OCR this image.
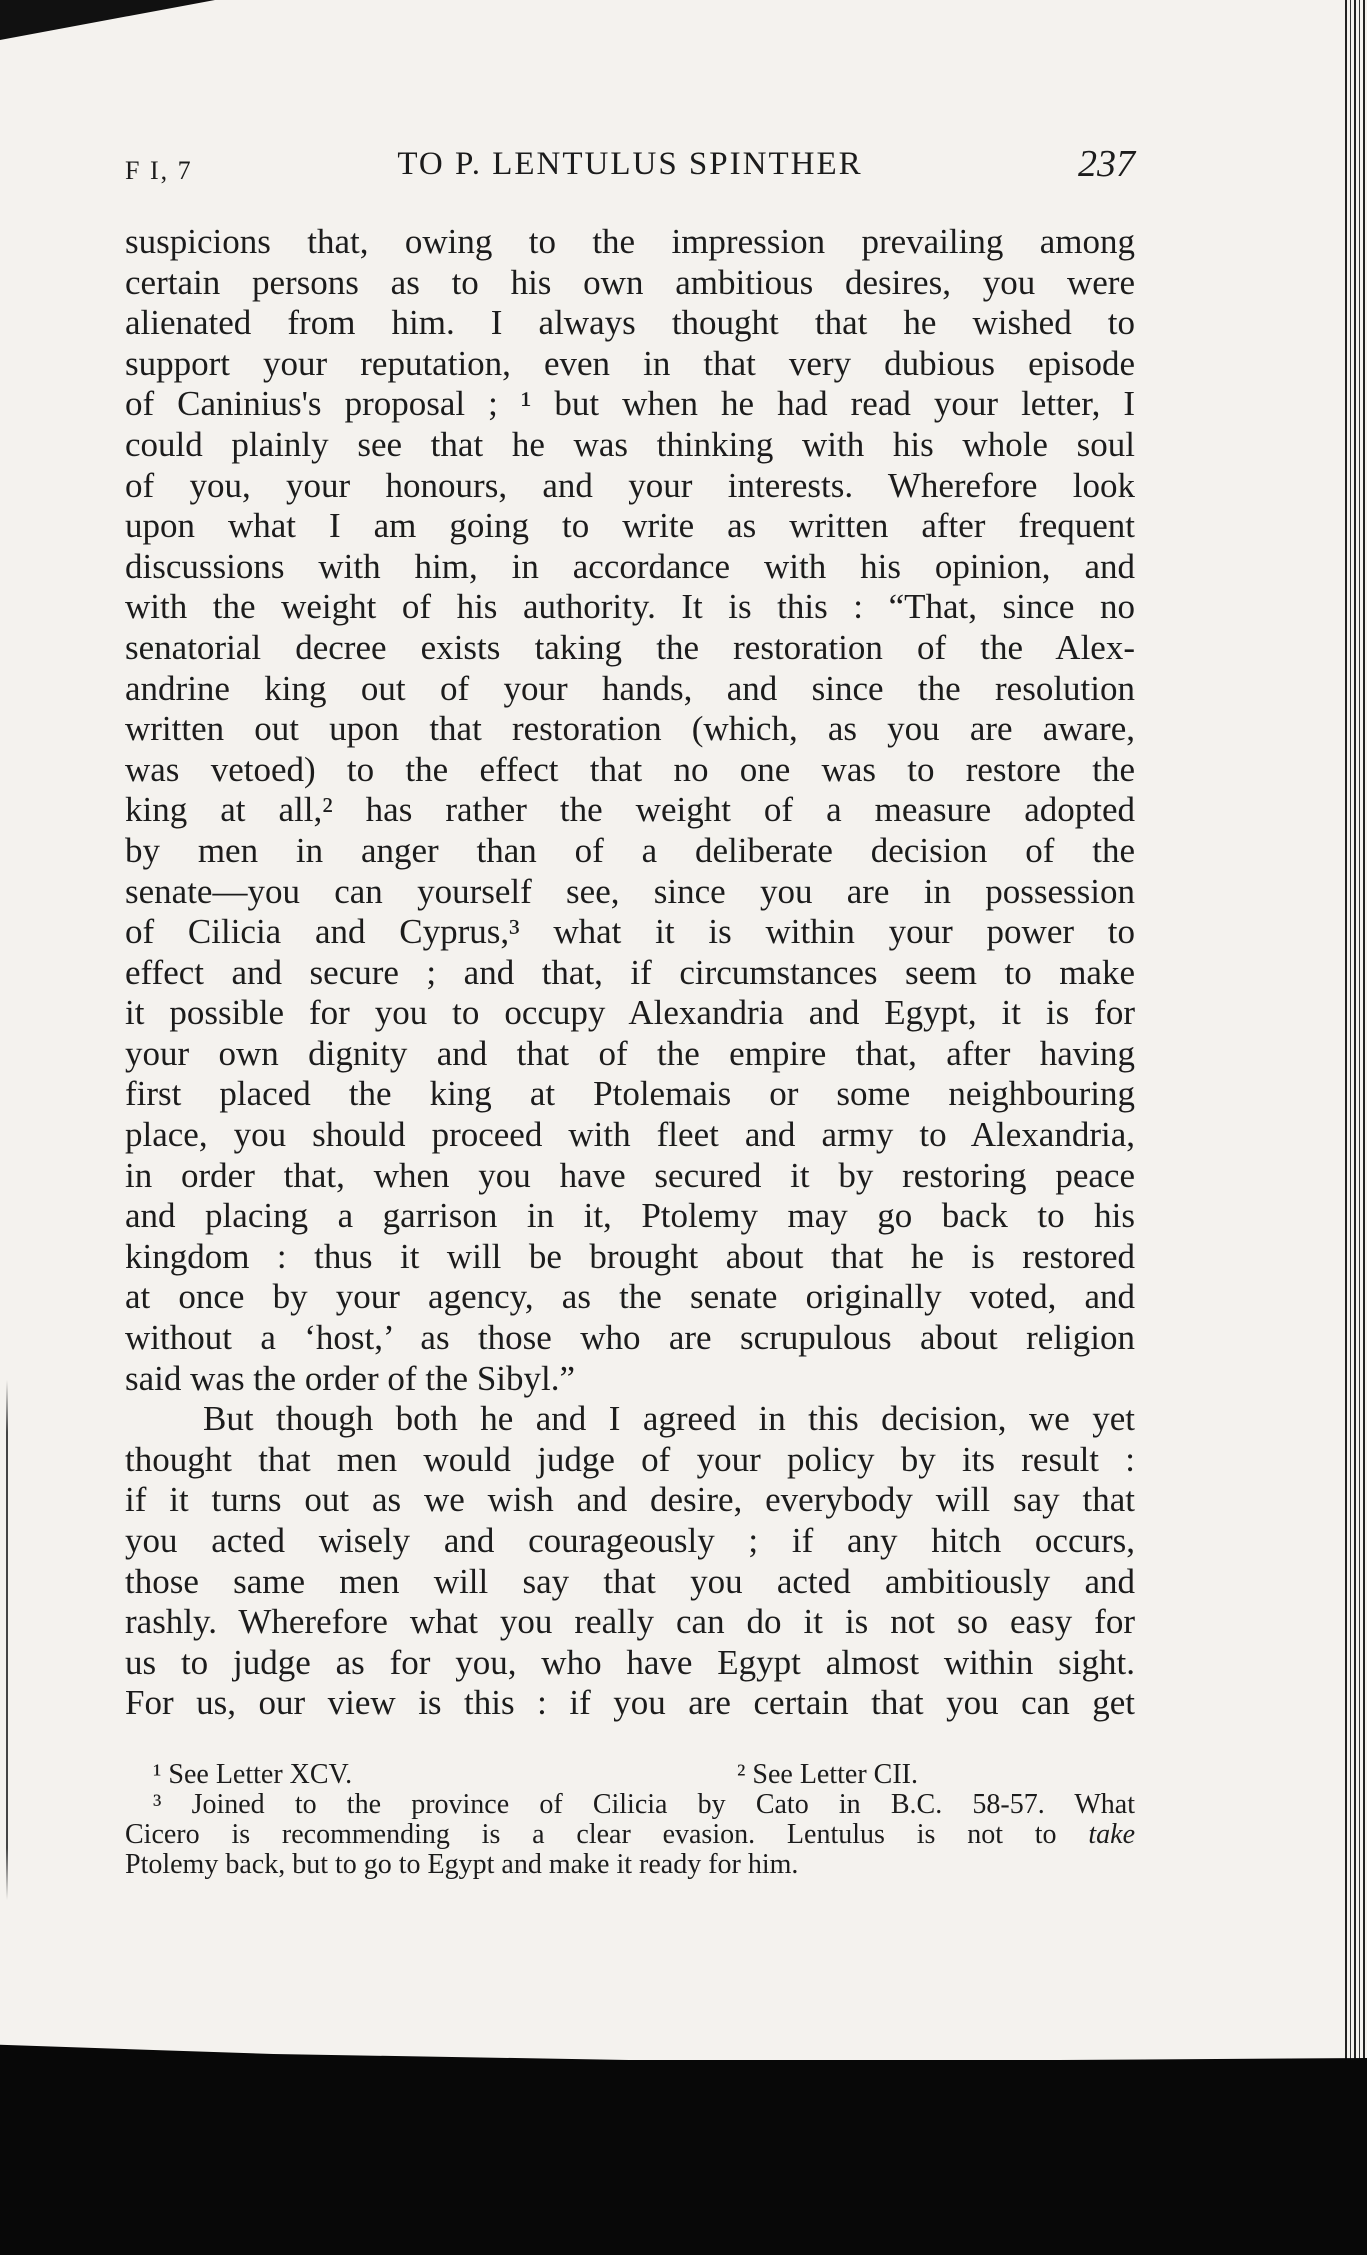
F I, 7	TO P. LENTULUS SPINTHER	237
suspicions that, owing to the impression prevailing among
certain persons as to his own ambitious desires, you were
alienated from him. I always thought that he wished to
support your reputation, even in that very dubious episode
of Caninius's proposal ; ¹ but when he had read your letter, I
could plainly see that he was thinking with his whole soul
of you, your honours, and your interests. Wherefore look
upon what I am going to write as written after frequent
discussions with him, in accordance with his opinion, and
with the weight of his authority. It is this : “That, since no
senatorial decree exists taking the restoration of the Alex-
andrine king out of your hands, and since the resolution
written out upon that restoration (which, as you are aware,
was vetoed) to the effect that no one was to restore the
king at all,² has rather the weight of a measure adopted
by men in anger than of a deliberate decision of the
senate—you can yourself see, since you are in possession
of Cilicia and Cyprus,³ what it is within your power to
effect and secure ; and that, if circumstances seem to make
it possible for you to occupy Alexandria and Egypt, it is for
your own dignity and that of the empire that, after having
first placed the king at Ptolemais or some neighbouring
place, you should proceed with fleet and army to Alexandria,
in order that, when you have secured it by restoring peace
and placing a garrison in it, Ptolemy may go back to his
kingdom : thus it will be brought about that he is restored
at once by your agency, as the senate originally voted, and
without a ‘host,’ as those who are scrupulous about religion
said was the order of the Sibyl.”
But though both he and I agreed in this decision, we yet
thought that men would judge of your policy by its result :
if it turns out as we wish and desire, everybody will say that
you acted wisely and courageously ; if any hitch occurs,
those same men will say that you acted ambitiously and
rashly. Wherefore what you really can do it is not so easy for
us to judge as for you, who have Egypt almost within sight.
For us, our view is this : if you are certain that you can get
¹ See Letter XCV.	² See Letter CII.
³ Joined to the province of Cilicia by Cato in B.C. 58-57. What
Cicero is recommending is a clear evasion. Lentulus is not to take
Ptolemy back, but to go to Egypt and make it ready for him.
